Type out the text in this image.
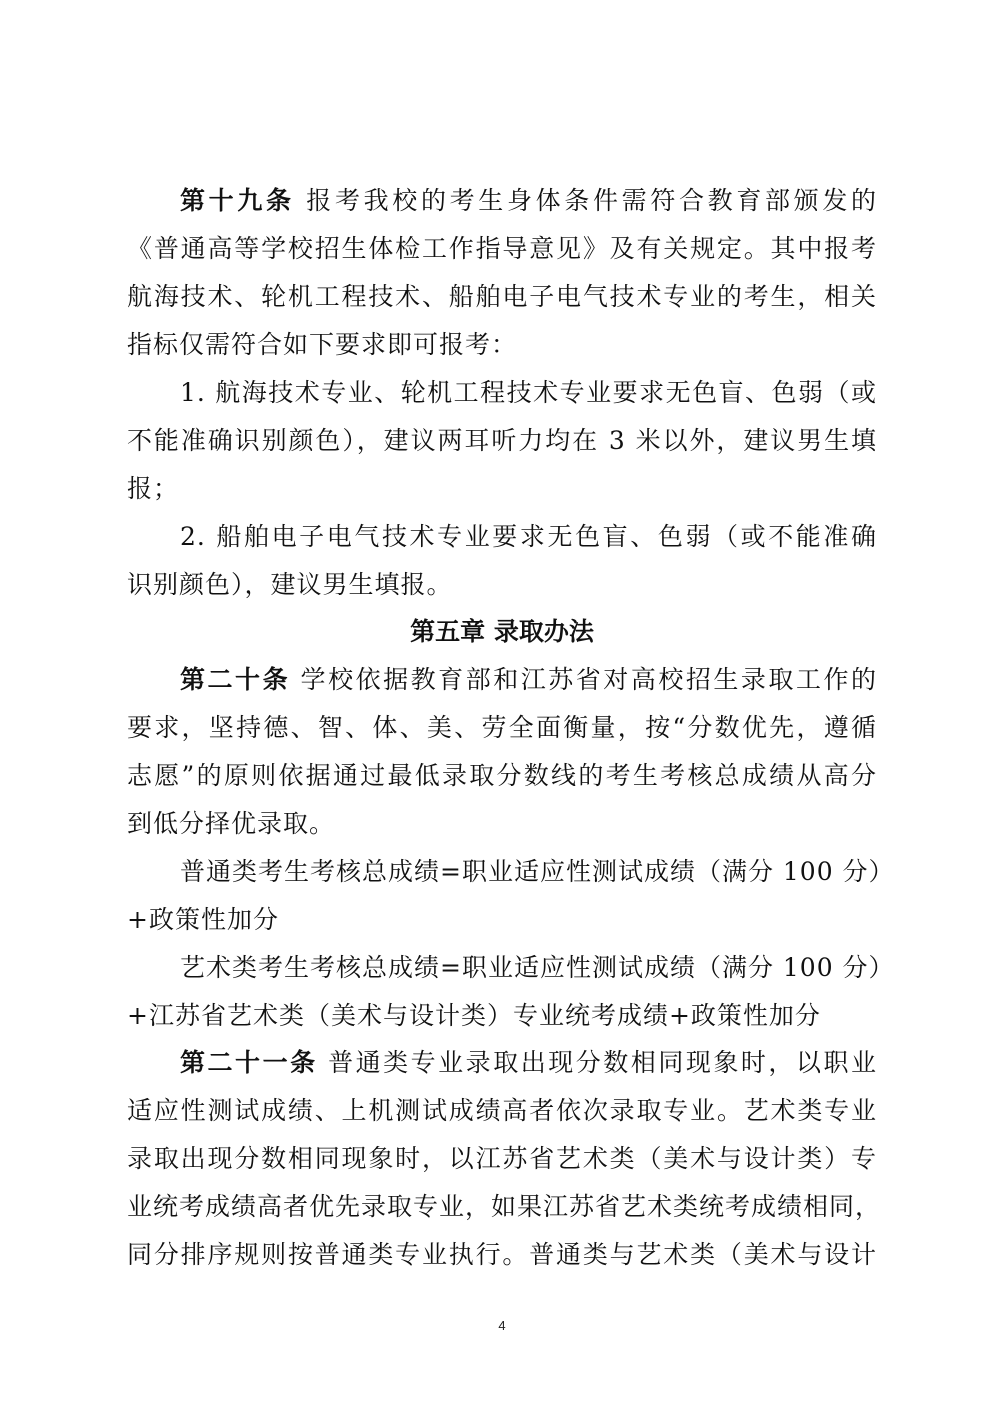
第十九条 报考我校的考生身体条件需符合教育部颁发的
《普通高等学校招生体检工作指导意见》及有关规定。其中报考
航海技术、轮机工程技术、船舶电子电气技术专业的考生，相关
指标仅需符合如下要求即可报考：
1. 航海技术专业、轮机工程技术专业要求无色盲、色弱（或
不能准确识别颜色），建议两耳听力均在 3 米以外，建议男生填
报；
2. 船舶电子电气技术专业要求无色盲、色弱（或不能准确
识别颜色），建议男生填报。
第五章 录取办法
第二十条 学校依据教育部和江苏省对高校招生录取工作的
要求，坚持德、智、体、美、劳全面衡量，按“分数优先，遵循
志愿”的原则依据通过最低录取分数线的考生考核总成绩从高分
到低分择优录取。
普通类考生考核总成绩=职业适应性测试成绩（满分 100 分）
+政策性加分
艺术类考生考核总成绩=职业适应性测试成绩（满分 100 分）
+江苏省艺术类（美术与设计类）专业统考成绩+政策性加分
第二十一条 普通类专业录取出现分数相同现象时，以职业
适应性测试成绩、上机测试成绩高者依次录取专业。艺术类专业
录取出现分数相同现象时，以江苏省艺术类（美术与设计类）专
业统考成绩高者优先录取专业，如果江苏省艺术类统考成绩相同，
同分排序规则按普通类专业执行。普通类与艺术类（美术与设计
4
